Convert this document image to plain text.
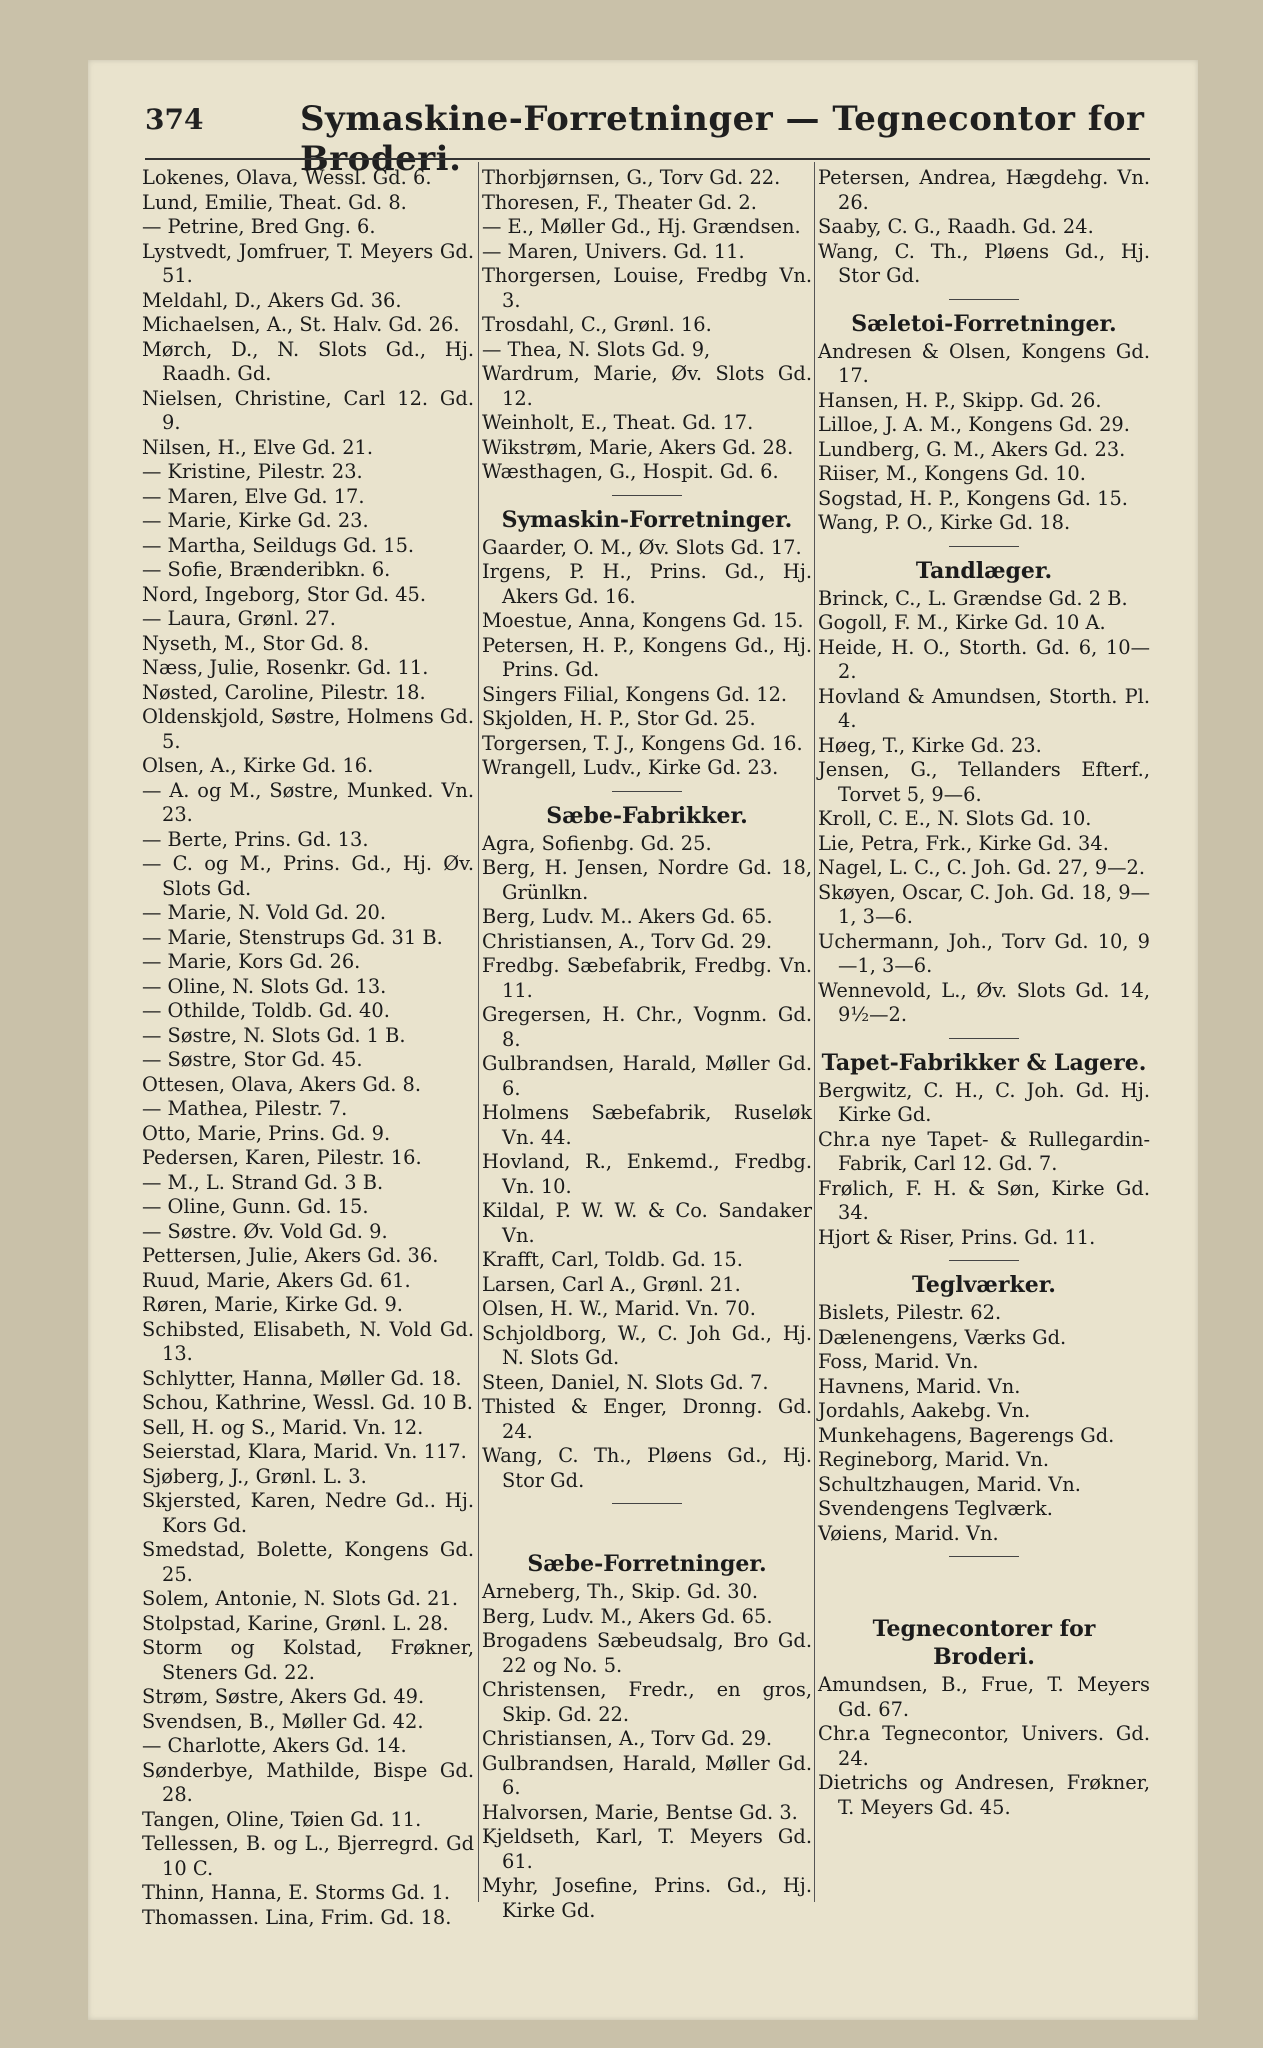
374	Symaskine-Forretninger — Tegnecontor for Broderi.

Lokenes, Olava, Wessl. Gd. 6.

Lund, Emilie, Theat. Gd. 8.

— Petrine, Bred Gng. 6.

Lystvedt, Jomfruer, T. Meyers Gd. 51.

Meldahl, D., Akers Gd. 36.

Michaelsen, A., St. Halv. Gd. 26.

Mørch, D., N. Slots Gd., Hj. Raadh. Gd.

Nielsen, Christine, Carl 12. Gd. 9.

Nilsen, H., Elve Gd. 21.

— Kristine, Pilestr. 23.

— Maren, Elve Gd. 17.

— Marie, Kirke Gd. 23.

— Martha, Seildugs Gd. 15.

— Sofie, Brænderibkn. 6.

Nord, Ingeborg, Stor Gd. 45.

— Laura, Grønl. 27.

Nyseth, M., Stor Gd. 8.

Næss, Julie, Rosenkr. Gd. 11.

Nøsted, Caroline, Pilestr. 18.

Oldenskjold, Søstre, Holmens Gd. 5.

Olsen, A., Kirke Gd. 16.

— A. og M., Søstre, Munked. Vn. 23.

— Berte, Prins. Gd. 13.

— C. og M., Prins. Gd., Hj. Øv. Slots Gd.

— Marie, N. Vold Gd. 20.

— Marie, Stenstrups Gd. 31 B.

— Marie, Kors Gd. 26.

— Oline, N. Slots Gd. 13.

— Othilde, Toldb. Gd. 40.

— Søstre, N. Slots Gd. 1 B.

— Søstre, Stor Gd. 45.

Ottesen, Olava, Akers Gd. 8.

— Mathea, Pilestr. 7.

Otto, Marie, Prins. Gd. 9.

Pedersen, Karen, Pilestr. 16.

— M., L. Strand Gd. 3 B.

— Oline, Gunn. Gd. 15.

— Søstre. Øv. Vold Gd. 9.

Pettersen, Julie, Akers Gd. 36.

Ruud, Marie, Akers Gd. 61.

Røren, Marie, Kirke Gd. 9.

Schibsted, Elisabeth, N. Vold Gd. 13.

Schlytter, Hanna, Møller Gd. 18.

Schou, Kathrine, Wessl. Gd. 10 B.

Sell, H. og S., Marid. Vn. 12.

Seierstad, Klara, Marid. Vn. 117.

Sjøberg, J., Grønl. L. 3.

Skjersted, Karen, Nedre Gd.. Hj. Kors Gd.

Smedstad, Bolette, Kongens Gd. 25.

Solem, Antonie, N. Slots Gd. 21.

Stolpstad, Karine, Grønl. L. 28.

Storm og Kolstad, Frøkner, Steners Gd. 22.

Strøm, Søstre, Akers Gd. 49.

Svendsen, B., Møller Gd. 42.

— Charlotte, Akers Gd. 14.

Sønderbye, Mathilde, Bispe Gd. 28.

Tangen, Oline, Tøien Gd. 11.

Tellessen, B. og L., Bjerregrd. Gd 10 C.

Thinn, Hanna, E. Storms Gd. 1.

Thomassen. Lina, Frim. Gd. 18.

Thorbjørnsen, G., Torv Gd. 22.

Thoresen, F., Theater Gd. 2.

— E., Møller Gd., Hj. Grændsen.

— Maren, Univers. Gd. 11.

Thorgersen, Louise, Fredbg Vn. 3.

Trosdahl, C., Grønl. 16.

— Thea, N. Slots Gd. 9,

Wardrum, Marie, Øv. Slots Gd. 12.

Weinholt, E., Theat. Gd. 17.

Wikstrøm, Marie, Akers Gd. 28.

Wæsthagen, G., Hospit. Gd. 6.

Symaskin-Forretninger.

Gaarder, O. M., Øv. Slots Gd. 17.

Irgens, P. H., Prins. Gd., Hj. Akers Gd. 16.

Moestue, Anna, Kongens Gd. 15.

Petersen, H. P., Kongens Gd., Hj. Prins. Gd.

Singers Filial, Kongens Gd. 12.

Skjolden, H. P., Stor Gd. 25.

Torgersen, T. J., Kongens Gd. 16.

Wrangell, Ludv., Kirke Gd. 23.

Sæbe-Fabrikker.

Agra, Sofienbg. Gd. 25.

Berg, H. Jensen, Nordre Gd. 18, Grünlkn.

Berg, Ludv. M.. Akers Gd. 65.

Christiansen, A., Torv Gd. 29.

Fredbg. Sæbefabrik, Fredbg. Vn. 11.

Gregersen, H. Chr., Vognm. Gd. 8.

Gulbrandsen, Harald, Møller Gd. 6.

Holmens Sæbefabrik, Ruseløk Vn. 44.

Hovland, R., Enkemd., Fredbg. Vn. 10.

Kildal, P. W. W. & Co. Sandaker Vn.

Krafft, Carl, Toldb. Gd. 15.

Larsen, Carl A., Grønl. 21.

Olsen, H. W., Marid. Vn. 70.

Schjoldborg, W., C. Joh Gd., Hj. N. Slots Gd.

Steen, Daniel, N. Slots Gd. 7.

Thisted & Enger, Dronng. Gd. 24.

Wang, C. Th., Pløens Gd., Hj. Stor Gd.

Sæbe-Forretninger.

Arneberg, Th., Skip. Gd. 30.

Berg, Ludv. M., Akers Gd. 65.

Brogadens Sæbeudsalg, Bro Gd. 22 og No. 5.

Christensen, Fredr., en gros, Skip. Gd. 22.

Christiansen, A., Torv Gd. 29.

Gulbrandsen, Harald, Møller Gd. 6.

Halvorsen, Marie, Bentse Gd. 3.

Kjeldseth, Karl, T. Meyers Gd. 61.

Myhr, Josefine, Prins. Gd., Hj. Kirke Gd.

Petersen, Andrea, Hægdehg. Vn. 26.

Saaby, C. G., Raadh. Gd. 24.

Wang, C. Th., Pløens Gd., Hj. Stor Gd.

Sæletoi-Forretninger.

Andresen & Olsen, Kongens Gd. 17.

Hansen, H. P., Skipp. Gd. 26.

Lilloe, J. A. M., Kongens Gd. 29.

Lundberg, G. M., Akers Gd. 23.

Riiser, M., Kongens Gd. 10.

Sogstad, H. P., Kongens Gd. 15.

Wang, P. O., Kirke Gd. 18.

Tandlæger.

Brinck, C., L. Grændse Gd. 2 B.

Gogoll, F. M., Kirke Gd. 10 A.

Heide, H. O., Storth. Gd. 6, 10—2.

Hovland & Amundsen, Storth. Pl. 4.

Høeg, T., Kirke Gd. 23.

Jensen, G., Tellanders Efterf., Torvet 5, 9—6.

Kroll, C. E., N. Slots Gd. 10.

Lie, Petra, Frk., Kirke Gd. 34.

Nagel, L. C., C. Joh. Gd. 27, 9—2.

Skøyen, Oscar, C. Joh. Gd. 18, 9—1, 3—6.

Uchermann, Joh., Torv Gd. 10, 9—1, 3—6.

Wennevold, L., Øv. Slots Gd. 14, 9½—2.

Tapet-Fabrikker & Lagere.

Bergwitz, C. H., C. Joh. Gd. Hj. Kirke Gd.

Chr.a nye Tapet- & Rullegardin-Fabrik, Carl 12. Gd. 7.

Frølich, F. H. & Søn, Kirke Gd. 34.

Hjort & Riser, Prins. Gd. 11.

Teglværker.

Bislets, Pilestr. 62.

Dælenengens, Værks Gd.

Foss, Marid. Vn.

Havnens, Marid. Vn.

Jordahls, Aakebg. Vn.

Munkehagens, Bagerengs Gd.

Regineborg, Marid. Vn.

Schultzhaugen, Marid. Vn.

Svendengens Teglværk.

Vøiens, Marid. Vn.

Tegnecontorer for Broderi.

Amundsen, B., Frue, T. Meyers Gd. 67.

Chr.a Tegnecontor, Univers. Gd. 24.

Dietrichs og Andresen, Frøkner, T. Meyers Gd. 45.
